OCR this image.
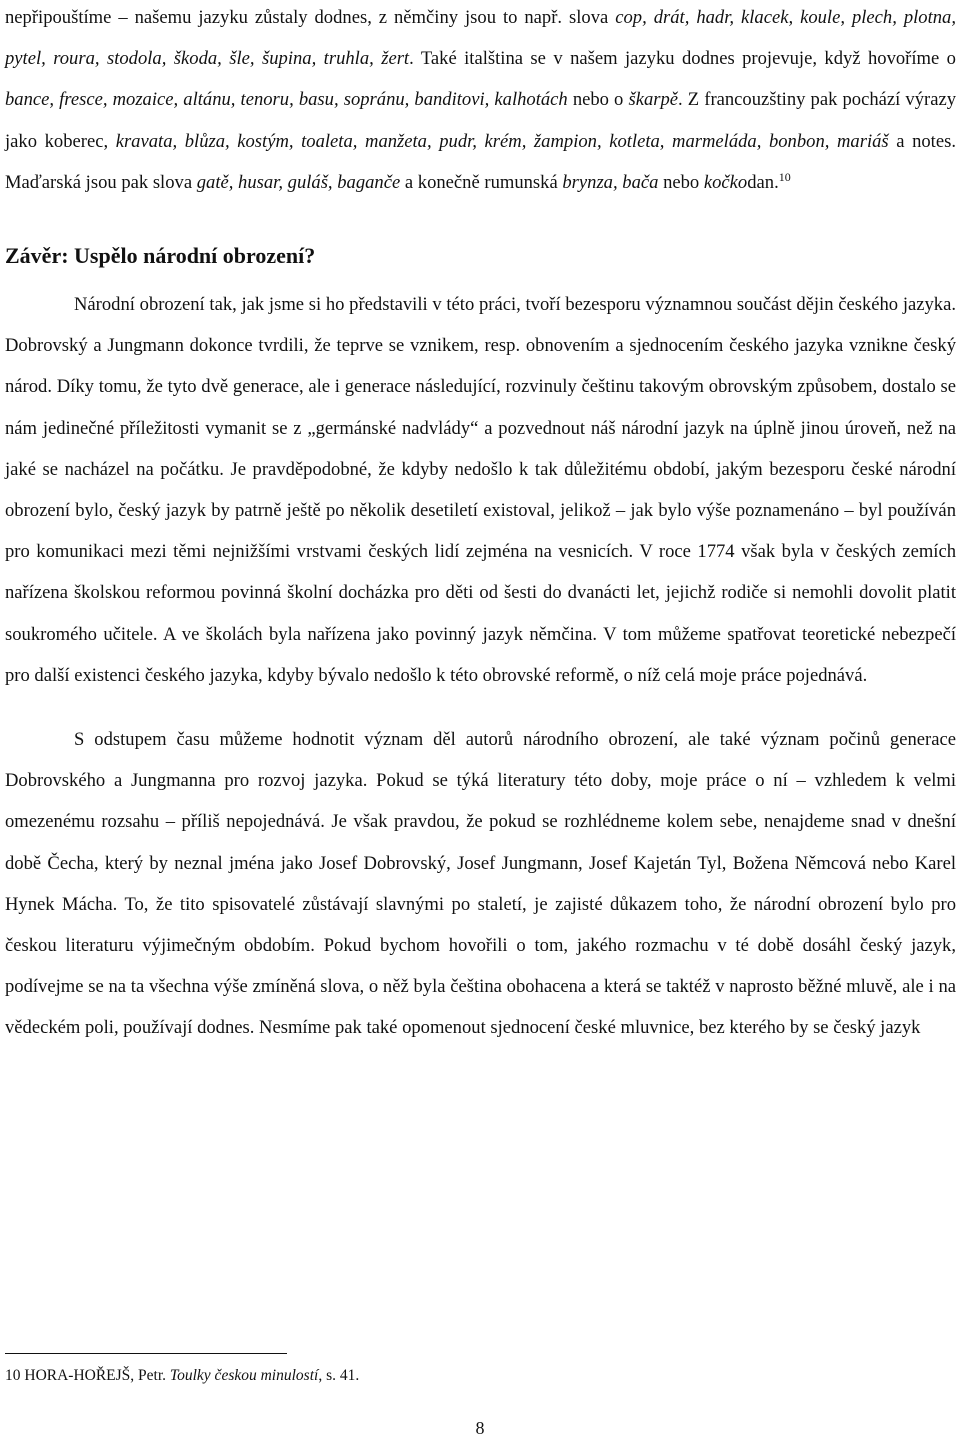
nepřipouštíme – našemu jazyku zůstaly dodnes, z němčiny jsou to např. slova cop, drát, hadr, klacek, koule, plech, plotna, pytel, roura, stodola, škoda, šle, šupina, truhla, žert. Také italština se v našem jazyku dodnes projevuje, když hovoříme o bance, fresce, mozaice, altánu, tenoru, basu, sopránu, banditovi, kalhotách nebo o škarpě. Z francouzštiny pak pochází výrazy jako koberec, kravata, blůza, kostým, toaleta, manžeta, pudr, krém, žampion, kotleta, marmeláda, bonbon, mariáš a notes. Maďarská jsou pak slova gatě, husar, guláš, bagančе a konečně rumunská brynza, bača nebo kočkodan.$^{10}$

Závěr: Uspělo národní obrození?

Národní obrození tak, jak jsme si ho představili v této práci, tvoří bezesporu významnou součást dějin českého jazyka. Dobrovský a Jungmann dokonce tvrdili, že teprve se vznikem, resp. obnovením a sjednocením českého jazyka vznikne český národ. Díky tomu, že tyto dvě generace, ale i generace následující, rozvinuly češtinu takovým obrovským způsobem, dostalo se nám jedinečné příležitosti vymanit se z „germánské nadvlády“ a pozvednout náš národní jazyk na úplně jinou úroveň, než na jaké se nacházel na počátku. Je pravděpodobné, že kdyby nedošlo k tak důležitému období, jakým bezesporu české národní obrození bylo, český jazyk by patrně ještě po několik desetiletí existoval, jelikož – jak bylo výše poznamenáno – byl používán pro komunikaci mezi těmi nejnižšími vrstvami českých lidí zejména na vesnicích. V roce 1774 však byla v českých zemích nařízena školskou reformou povinná školní docházka pro děti od šesti do dvanácti let, jejichž rodiče si nemohli dovolit platit soukromého učitele. A ve školách byla nařízena jako povinný jazyk němčina. V tom můžeme spatřovat teoretické nebezpečí pro další existenci českého jazyka, kdyby bývalo nedošlo k této obrovské reformě, o níž celá moje práce pojednává.

S odstupem času můžeme hodnotit význam děl autorů národního obrození, ale také význam počinů generace Dobrovského a Jungmanna pro rozvoj jazyka. Pokud se týká literatury této doby, moje práce o ní – vzhledem k velmi omezenému rozsahu – příliš nepojednává. Je však pravdou, že pokud se rozhlédneme kolem sebe, nenajdeme snad v dnešní době Čecha, který by neznal jména jako Josef Dobrovský, Josef Jungmann, Josef Kajetán Tyl, Božena Němcová nebo Karel Hynek Mácha. To, že tito spisovatelé zůstávají slavnými po staletí, je zajisté důkazem toho, že národní obrození bylo pro českou literaturu výjimečným obdobím. Pokud bychom hovořili o tom, jakého rozmachu v té době dosáhl český jazyk, podívejme se na ta všechna výše zmíněná slova, o něž byla čeština obohacena a která se taktéž v naprosto běžné mluvě, ale i na vědeckém poli, používají dodnes. Nesmíme pak také opomenout sjednocení české mluvnice, bez kterého by se český jazyk

10 HORA-HOŘEJŠ, Petr. Toulky českou minulostí, s. 41.
8
